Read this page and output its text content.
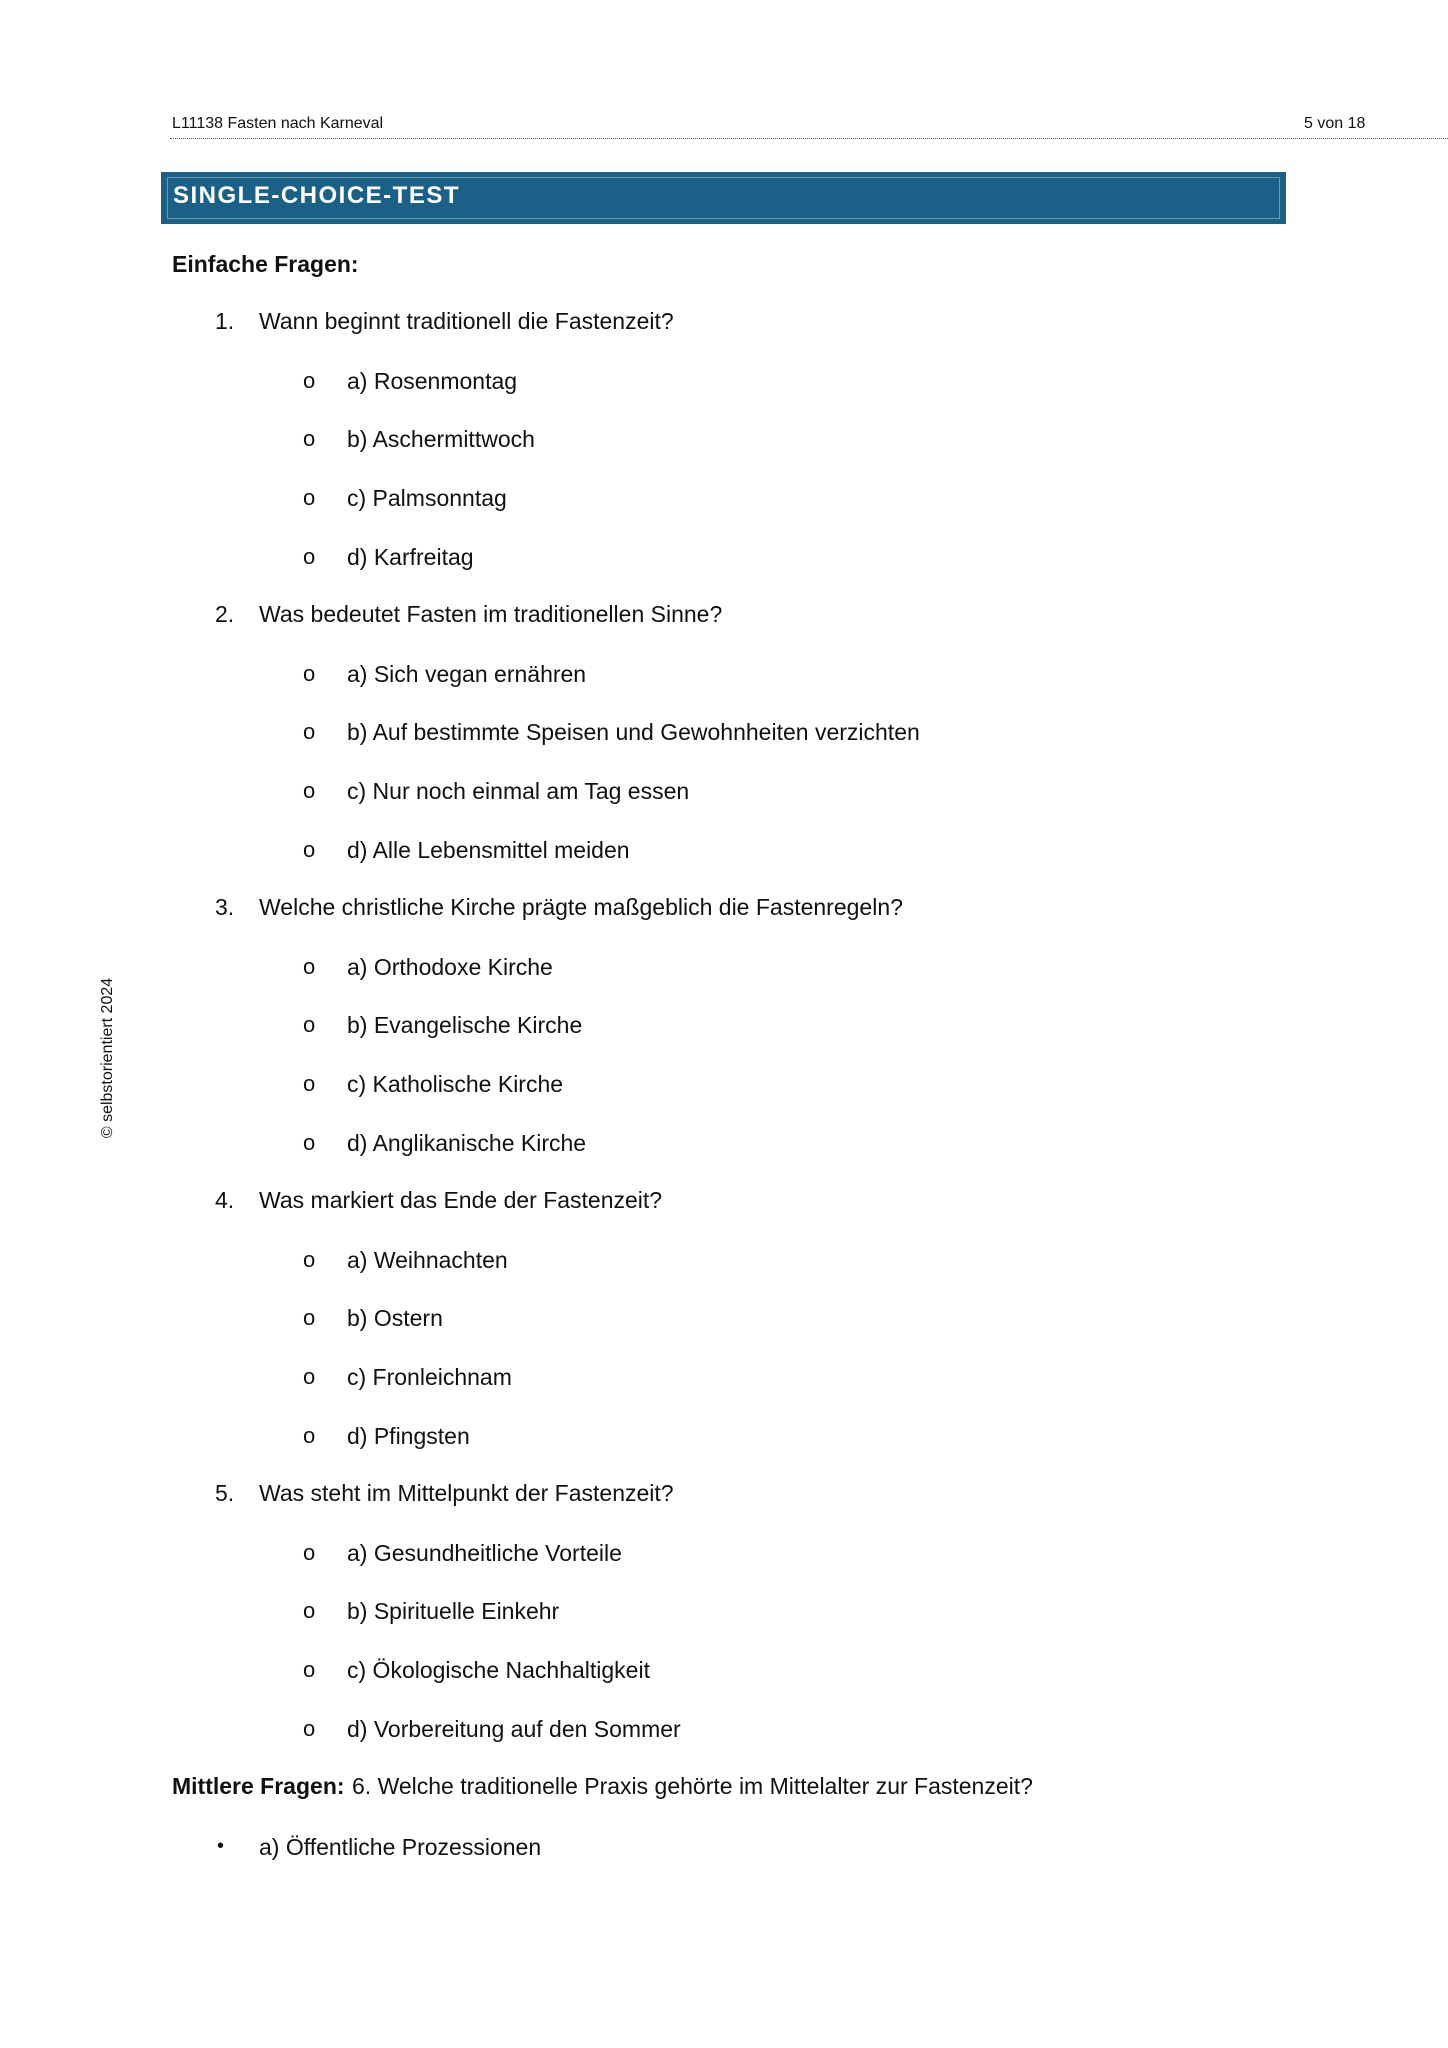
L11138 Fasten nach Karneval	5 von 18
SINGLE-CHOICE-TEST
© selbstorientiert 2024
Einfache Fragen:
1.	Wann beginnt traditionell die Fastenzeit?
o a) Rosenmontag
o b) Aschermittwoch
o c) Palmsonntag
o d) Karfreitag
2.	Was bedeutet Fasten im traditionellen Sinne?
o a) Sich vegan ernähren
o b) Auf bestimmte Speisen und Gewohnheiten verzichten
o c) Nur noch einmal am Tag essen
o d) Alle Lebensmittel meiden
3.	Welche christliche Kirche prägte maßgeblich die Fastenregeln?
o a) Orthodoxe Kirche
o b) Evangelische Kirche
o c) Katholische Kirche
o d) Anglikanische Kirche
4.	Was markiert das Ende der Fastenzeit?
o a) Weihnachten
o b) Ostern
o c) Fronleichnam
o d) Pfingsten
5.	Was steht im Mittelpunkt der Fastenzeit?
o a) Gesundheitliche Vorteile
o b) Spirituelle Einkehr
o c) Ökologische Nachhaltigkeit
o d) Vorbereitung auf den Sommer
Mittlere Fragen: 6. Welche traditionelle Praxis gehörte im Mittelalter zur Fastenzeit?
• a) Öffentliche Prozessionen
